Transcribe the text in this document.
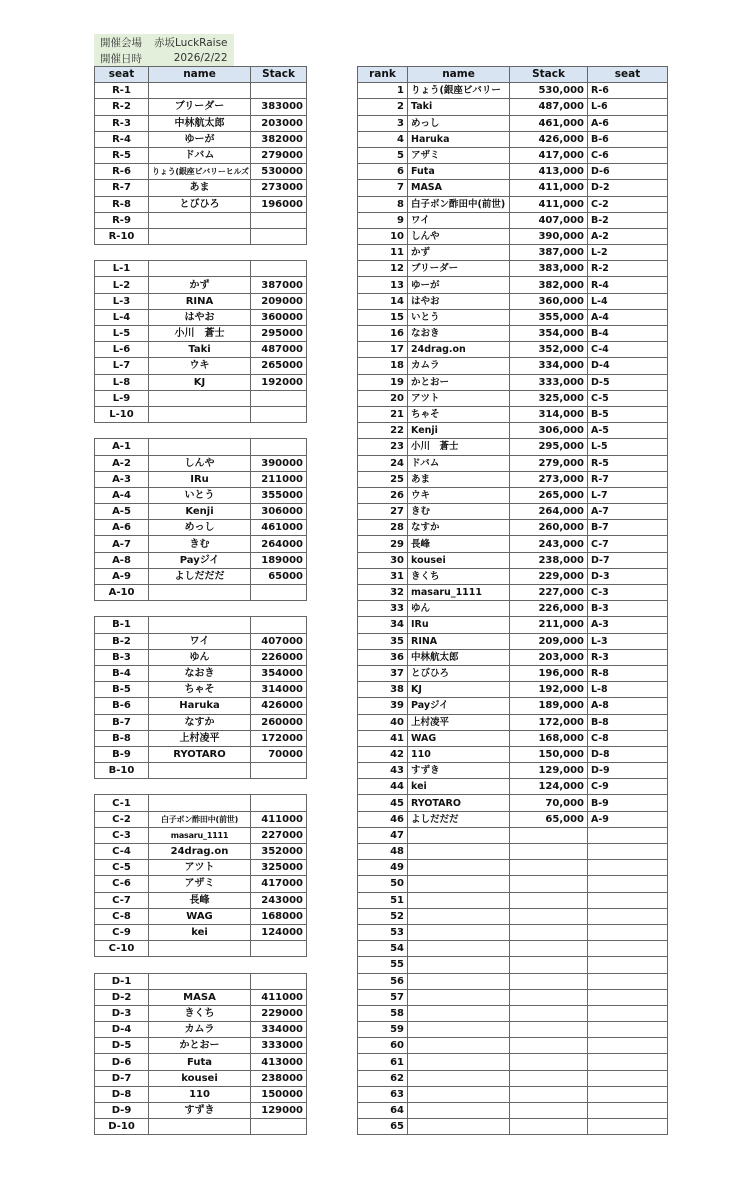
開催会場	赤坂LuckRaise
開催日時	2026/2/22
seat	name	Stack
R-1		
R-2	ブリーダー	383000
R-3	中林航太郎	203000
R-4	ゆーが	382000
R-5	ドバム	279000
R-6	りょう(銀座ビバリーヒルズ	530000
R-7	あま	273000
R-8	とびひろ	196000
R-9		
R-10		

L-1		
L-2	かず	387000
L-3	RINA	209000
L-4	はやお	360000
L-5	小川　蒼士	295000
L-6	Taki	487000
L-7	ウキ	265000
L-8	KJ	192000
L-9		
L-10		

A-1		
A-2	しんや	390000
A-3	IRu	211000
A-4	いとう	355000
A-5	Kenji	306000
A-6	めっし	461000
A-7	きむ	264000
A-8	Payジイ	189000
A-9	よしだだだ	65000
A-10		

B-1		
B-2	ワイ	407000
B-3	ゆん	226000
B-4	なおき	354000
B-5	ちゃそ	314000
B-6	Haruka	426000
B-7	なすか	260000
B-8	上村凌平	172000
B-9	RYOTARO	70000
B-10		

C-1		
C-2	白子ボン酢田中(前世)	411000
C-3	masaru_1111	227000
C-4	24drag.on	352000
C-5	アツト	325000
C-6	アザミ	417000
C-7	長峰	243000
C-8	WAG	168000
C-9	kei	124000
C-10		

D-1		
D-2	MASA	411000
D-3	きくち	229000
D-4	カムラ	334000
D-5	かとおー	333000
D-6	Futa	413000
D-7	kousei	238000
D-8	110	150000
D-9	すずき	129000
D-10		
rank	name	Stack	seat
1	りょう(銀座ビバリー	530,000	R-6
2	Taki	487,000	L-6
3	めっし	461,000	A-6
4	Haruka	426,000	B-6
5	アザミ	417,000	C-6
6	Futa	413,000	D-6
7	MASA	411,000	D-2
8	白子ボン酢田中(前世)	411,000	C-2
9	ワイ	407,000	B-2
10	しんや	390,000	A-2
11	かず	387,000	L-2
12	ブリーダー	383,000	R-2
13	ゆーが	382,000	R-4
14	はやお	360,000	L-4
15	いとう	355,000	A-4
16	なおき	354,000	B-4
17	24drag.on	352,000	C-4
18	カムラ	334,000	D-4
19	かとおー	333,000	D-5
20	アツト	325,000	C-5
21	ちゃそ	314,000	B-5
22	Kenji	306,000	A-5
23	小川　蒼士	295,000	L-5
24	ドバム	279,000	R-5
25	あま	273,000	R-7
26	ウキ	265,000	L-7
27	きむ	264,000	A-7
28	なすか	260,000	B-7
29	長峰	243,000	C-7
30	kousei	238,000	D-7
31	きくち	229,000	D-3
32	masaru_1111	227,000	C-3
33	ゆん	226,000	B-3
34	IRu	211,000	A-3
35	RINA	209,000	L-3
36	中林航太郎	203,000	R-3
37	とびひろ	196,000	R-8
38	KJ	192,000	L-8
39	Payジイ	189,000	A-8
40	上村凌平	172,000	B-8
41	WAG	168,000	C-8
42	110	150,000	D-8
43	すずき	129,000	D-9
44	kei	124,000	C-9
45	RYOTARO	70,000	B-9
46	よしだだだ	65,000	A-9
47			
48			
49			
50			
51			
52			
53			
54			
55			
56			
57			
58			
59			
60			
61			
62			
63			
64			
65			
